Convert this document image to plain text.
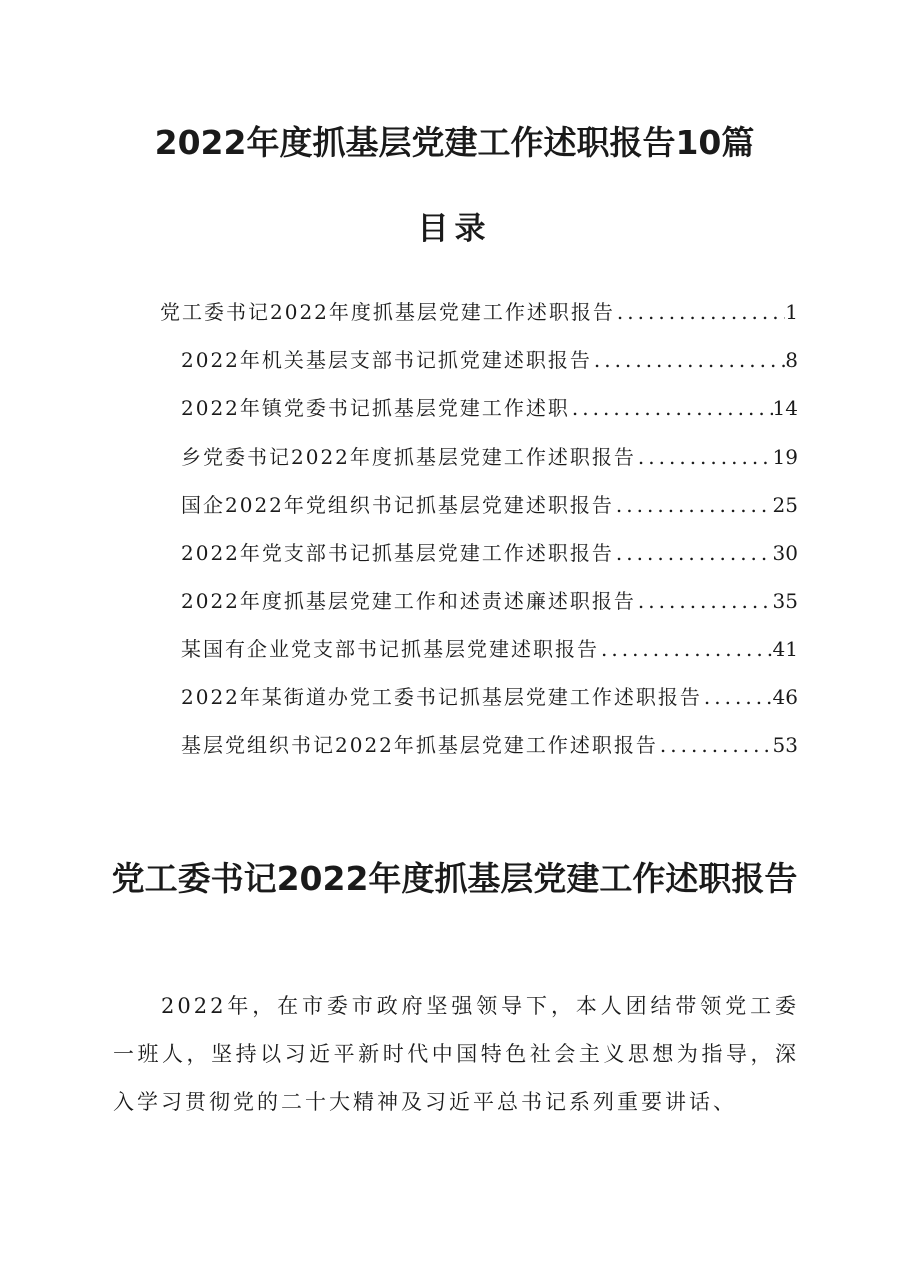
2022年度抓基层党建工作述职报告10篇
目录
党工委书记2022年度抓基层党建工作述职报告 .....	1
2022年机关基层支部书记抓党建述职报告 .....	8
2022年镇党委书记抓基层党建工作述职 .....	14
乡党委书记2022年度抓基层党建工作述职报告 .....	19
国企2022年党组织书记抓基层党建述职报告 .....	25
2022年党支部书记抓基层党建工作述职报告 .....	30
2022年度抓基层党建工作和述责述廉述职报告 .....	35
某国有企业党支部书记抓基层党建述职报告 .....	41
2022年某街道办党工委书记抓基层党建工作述职报告 .....	46
基层党组织书记2022年抓基层党建工作述职报告 .....	53
党工委书记2022年度抓基层党建工作述职报告

2022年，在市委市政府坚强领导下，本人团结带领党工委一班人，坚持以习近平新时代中国特色社会主义思想为指导，深入学习贯彻党的二十大精神及习近平总书记系列重要讲话、
